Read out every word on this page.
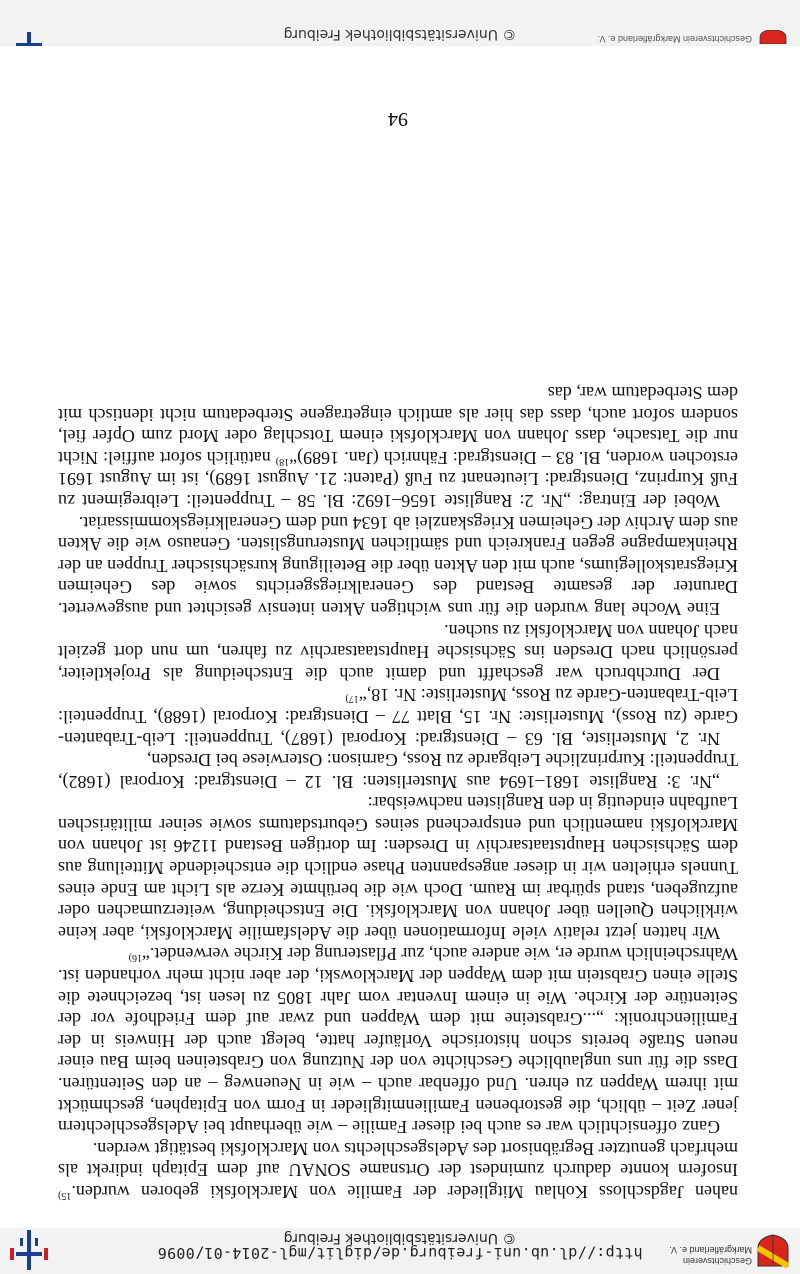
Geschichtsverein
Markgräflerland e. V.
http://dl.ub.uni-freiburg.de/diglit/mgl-2014-01/0096
© Universitätsbibliothek Freiburg

nahen Jagdschloss Kohlau Mitglieder der Familie von Marcklofski geboren wurden.$^{15)}$ Insofern konnte dadurch zumindest der Ortsname SONAU auf dem Epitaph indirekt als mehrfach genutzter Begräbnisort des Adelsgeschlechts von Marcklofski bestätigt werden.

Ganz offensichtlich war es auch bei dieser Familie – wie überhaupt bei Adelsgeschlechtern jener Zeit – üblich, die gestorbenen Familienmitglieder in Form von Epitaphen, geschmückt mit ihrem Wappen zu ehren. Und offenbar auch – wie in Neuenweg – an den Seitentüren. Dass die für uns unglaubliche Geschichte von der Nutzung von Grabsteinen beim Bau einer neuen Straße bereits schon historische Vorläufer hatte, belegt auch der Hinweis in der Familienchronik: „...Grabsteine mit dem Wappen und zwar auf dem Friedhofe vor der Seitentüre der Kirche. Wie in einem Inventar vom Jahr 1805 zu lesen ist, bezeichnete die Stelle einen Grabstein mit dem Wappen der Marcklowski, der aber nicht mehr vorhanden ist. Wahrscheinlich wurde er, wie andere auch, zur Pflasterung der Kirche verwendet.“$^{16)}$

Wir hatten jetzt relativ viele Informationen über die Adelsfamilie Marcklofski, aber keine wirklichen Quellen über Johann von Marcklofski. Die Entscheidung, weiterzumachen oder aufzugeben, stand spürbar im Raum. Doch wie die berühmte Kerze als Licht am Ende eines Tunnels erhielten wir in dieser angespannten Phase endlich die entscheidende Mitteilung aus dem Sächsischen Hauptstaatsarchiv in Dresden: Im dortigen Bestand 11246 ist Johann von Marcklofski namentlich und entsprechend seines Geburtsdatums sowie seiner militärischen Laufbahn eindeutig in den Ranglisten nachweisbar:

„Nr. 3: Rangliste 1681–1694 aus Musterlisten: Bl. 12 – Dienstgrad: Korporal (1682), Truppenteil: Kurprinzliche Leibgarde zu Ross, Garnison: Osterwiese bei Dresden,

Nr. 2, Musterliste, Bl. 63 – Dienstgrad: Korporal (1687), Truppenteil: Leib-Trabanten-Garde (zu Ross), Musterliste: Nr. 15, Blatt 77 – Dienstgrad: Korporal (1688), Truppenteil: Leib-Trabanten-Garde zu Ross, Musterliste: Nr. 18,“$^{17)}$

Der Durchbruch war geschafft und damit auch die Entscheidung als Projektleiter, persönlich nach Dresden ins Sächsische Hauptstaatsarchiv zu fahren, um nun dort gezielt nach Johann von Marcklofski zu suchen.

Eine Woche lang wurden die für uns wichtigen Akten intensiv gesichtet und ausgewertet. Darunter der gesamte Bestand des Generalkriegsgerichts sowie des Geheimen Kriegsratskollegiums, auch mit den Akten über die Beteiligung kursächsischer Truppen an der Rheinkampagne gegen Frankreich und sämtlichen Musterungslisten. Genauso wie die Akten aus dem Archiv der Geheimen Kriegskanzlei ab 1634 und dem Generalkriegskommissariat.

Wobei der Eintrag: „Nr. 2: Rangliste 1656–1692: Bl. 58 – Truppenteil: Leibregiment zu Fuß Kurprinz, Dienstgrad: Lieutenant zu Fuß (Patent: 21. August 1689), ist im August 1691 erstochen worden, Bl. 83 – Dienstgrad: Fähnrich (Jan. 1689)“$^{18)}$ natürlich sofort auffiel: Nicht nur die Tatsache, dass Johann von Marcklofski einem Totschlag oder Mord zum Opfer fiel, sondern sofort auch, dass das hier als amtlich eingetragene Sterbedatum nicht identisch mit dem Sterbedatum war, das

94
Geschichtsverein Markgräflerland e. V.
© Universitätsbibliothek Freiburg
